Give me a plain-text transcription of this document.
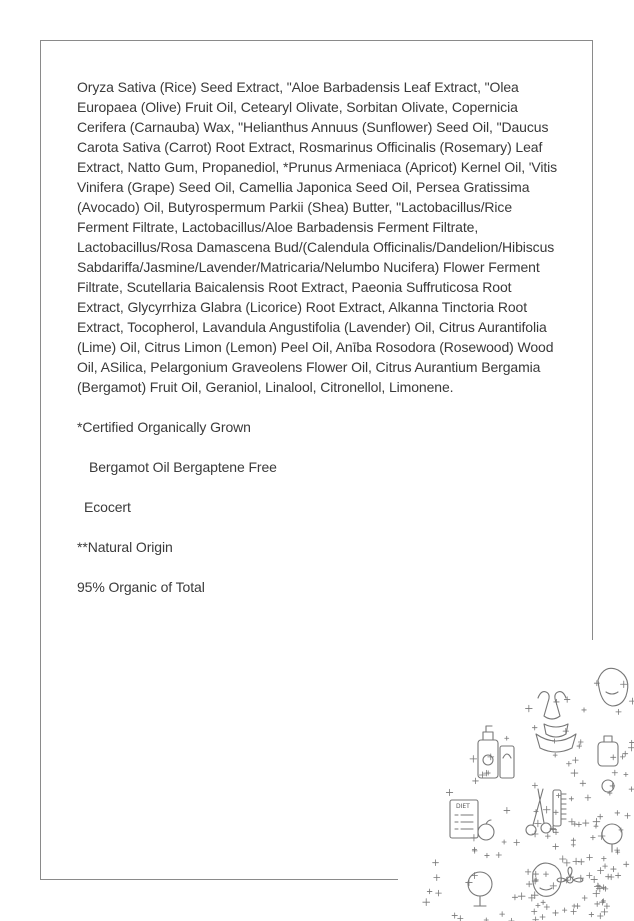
Oryza Sativa (Rice) Seed Extract, "Aloe Barbadensis Leaf Extract, "Olea Europaea (Olive) Fruit Oil, Cetearyl Olivate, Sorbitan Olivate, Copernicia Cerifera (Carnauba) Wax, "Helianthus Annuus (Sunflower) Seed Oil, "Daucus Carota Sativa (Carrot) Root Extract, Rosmarinus Officinalis (Rosemary) Leaf Extract, Natto Gum, Propanediol, *Prunus Armeniaca (Apricot) Kernel Oil, 'Vitis Vinifera (Grape) Seed Oil, Camellia Japonica Seed Oil, Persea Gratissima (Avocado) Oil, Butyrospermum Parkii (Shea) Butter, "Lactobacillus/Rice Ferment Filtrate, Lactobacillus/Aloe Barbadensis Ferment Filtrate, Lactobacillus/Rosa Damascena Bud/(Calendula Officinalis/Dandelion/Hibiscus Sabdariffa/Jasmine/Lavender/Matricaria/Nelumbo Nucifera) Flower Ferment Filtrate, Scutellaria Baicalensis Root Extract, Paeonia Suffruticosa Root Extract, Glycyrrhiza Glabra (Licorice) Root Extract, Alkanna Tinctoria Root Extract, Tocopherol, Lavandula Angustifolia (Lavender) Oil, Citrus Aurantifolia (Lime) Oil, Citrus Limon (Lemon) Peel Oil, Anība Rosodora (Rosewood) Wood Oil, ASilica, Pelargonium Graveolens Flower Oil, Citrus Aurantium Bergamia (Bergamot) Fruit Oil, Geraniol, Linalool, Citronellol, Limonene.

*Certified Organically Grown

Bergamot Oil Bergaptene Free

Ecocert

**Natural Origin

95% Organic of Total

DIET
